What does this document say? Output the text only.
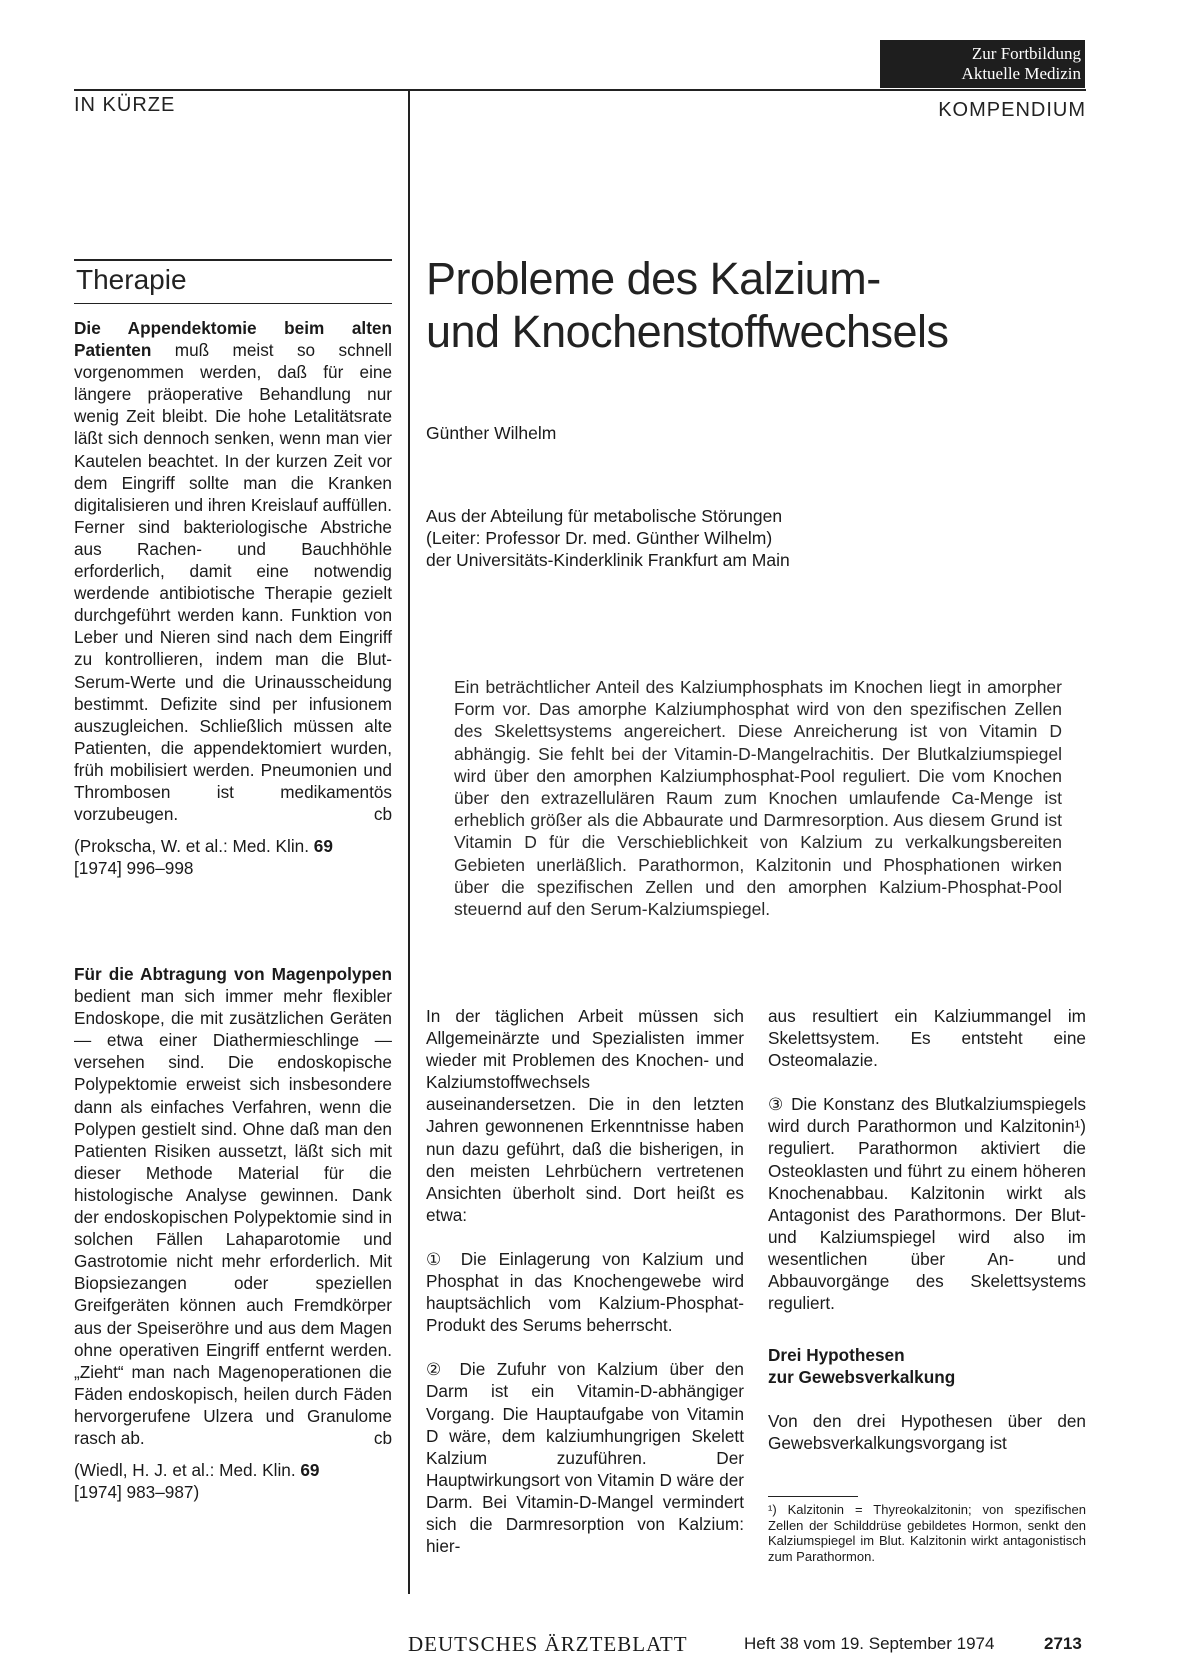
Zur Fortbildung
Aktuelle Medizin
IN KÜRZE	KOMPENDIUM
Therapie

Die Appendektomie beim alten Patienten muß meist so schnell vorgenommen werden, daß für eine längere präoperative Behandlung nur wenig Zeit bleibt. Die hohe Letalitätsrate läßt sich dennoch senken, wenn man vier Kautelen beachtet. In der kurzen Zeit vor dem Eingriff sollte man die Kranken digitalisieren und ihren Kreislauf auffüllen. Ferner sind bakteriologische Abstriche aus Rachen- und Bauchhöhle erforderlich, damit eine notwendig werdende antibiotische Therapie gezielt durchgeführt werden kann. Funktion von Leber und Nieren sind nach dem Eingriff zu kontrollieren, indem man die Blut-Serum-Werte und die Urinausscheidung bestimmt. Defizite sind per infusionem auszugleichen. Schließlich müssen alte Patienten, die appendektomiert wurden, früh mobilisiert werden. Pneumonien und Thrombosen ist medikamentös vorzubeugen.	cb

(Prokscha, W. et al.: Med. Klin. 69
[1974] 996–998

Für die Abtragung von Magenpolypen bedient man sich immer mehr flexibler Endoskope, die mit zusätzlichen Geräten — etwa einer Diathermieschlinge — versehen sind. Die endoskopische Polypektomie erweist sich insbesondere dann als einfaches Verfahren, wenn die Polypen gestielt sind. Ohne daß man den Patienten Risiken aussetzt, läßt sich mit dieser Methode Material für die histologische Analyse gewinnen. Dank der endoskopischen Polypektomie sind in solchen Fällen Lahaparotomie und Gastrotomie nicht mehr erforderlich. Mit Biopsiezangen oder speziellen Greifgeräten können auch Fremdkörper aus der Speiseröhre und aus dem Magen ohne operativen Eingriff entfernt werden. „Zieht“ man nach Magenoperationen die Fäden endoskopisch, heilen durch Fäden hervorgerufene Ulzera und Granulome rasch ab.	cb

(Wiedl, H. J. et al.: Med. Klin. 69
[1974] 983–987)

Probleme des Kalzium-
und Knochenstoffwechsels
Günther Wilhelm
Aus der Abteilung für metabolische Störungen
(Leiter: Professor Dr. med. Günther Wilhelm)
der Universitäts-Kinderklinik Frankfurt am Main
Ein beträchtlicher Anteil des Kalziumphosphats im Knochen liegt in amorpher Form vor. Das amorphe Kalziumphosphat wird von den spezifischen Zellen des Skelettsystems angereichert. Diese Anreicherung ist von Vitamin D abhängig. Sie fehlt bei der Vitamin-D-Mangelrachitis. Der Blutkalziumspiegel wird über den amorphen Kalziumphosphat-Pool reguliert. Die vom Knochen über den extrazellulären Raum zum Knochen umlaufende Ca-Menge ist erheblich größer als die Abbaurate und Darmresorption. Aus diesem Grund ist Vitamin D für die Verschieblichkeit von Kalzium zu verkalkungsbereiten Gebieten unerläßlich. Parathormon, Kalzitonin und Phosphationen wirken über die spezifischen Zellen und den amorphen Kalzium-Phosphat-Pool steuernd auf den Serum-Kalziumspiegel.

In der täglichen Arbeit müssen sich Allgemeinärzte und Spezialisten immer wieder mit Problemen des Knochen- und Kalziumstoffwechsels auseinandersetzen. Die in den letzten Jahren gewonnenen Erkenntnisse haben nun dazu geführt, daß die bisherigen, in den meisten Lehrbüchern vertretenen Ansichten überholt sind. Dort heißt es etwa:

① Die Einlagerung von Kalzium und Phosphat in das Knochengewebe wird hauptsächlich vom Kalzium-Phosphat-Produkt des Serums beherrscht.

② Die Zufuhr von Kalzium über den Darm ist ein Vitamin-D-abhängiger Vorgang. Die Hauptaufgabe von Vitamin D wäre, dem kalziumhungrigen Skelett Kalzium zuzuführen. Der Hauptwirkungsort von Vitamin D wäre der Darm. Bei Vitamin-D-Mangel vermindert sich die Darmresorption von Kalzium: hier-

aus resultiert ein Kalziummangel im Skelettsystem. Es entsteht eine Osteomalazie.

③ Die Konstanz des Blutkalziumspiegels wird durch Parathormon und Kalzitonin¹) reguliert. Parathormon aktiviert die Osteoklasten und führt zu einem höheren Knochenabbau. Kalzitonin wirkt als Antagonist des Parathormons. Der Blut- und Kalziumspiegel wird also im wesentlichen über An- und Abbauvorgänge des Skelettsystems reguliert.

Drei Hypothesen
zur Gewebsverkalkung

Von den drei Hypothesen über den Gewebsverkalkungsvorgang ist

¹) Kalzitonin = Thyreokalzitonin; von spezifischen Zellen der Schilddrüse gebildetes Hormon, senkt den Kalziumspiegel im Blut. Kalzitonin wirkt antagonistisch zum Parathormon.
DEUTSCHES ÄRZTEBLATT	Heft 38 vom 19. September 1974	2713
